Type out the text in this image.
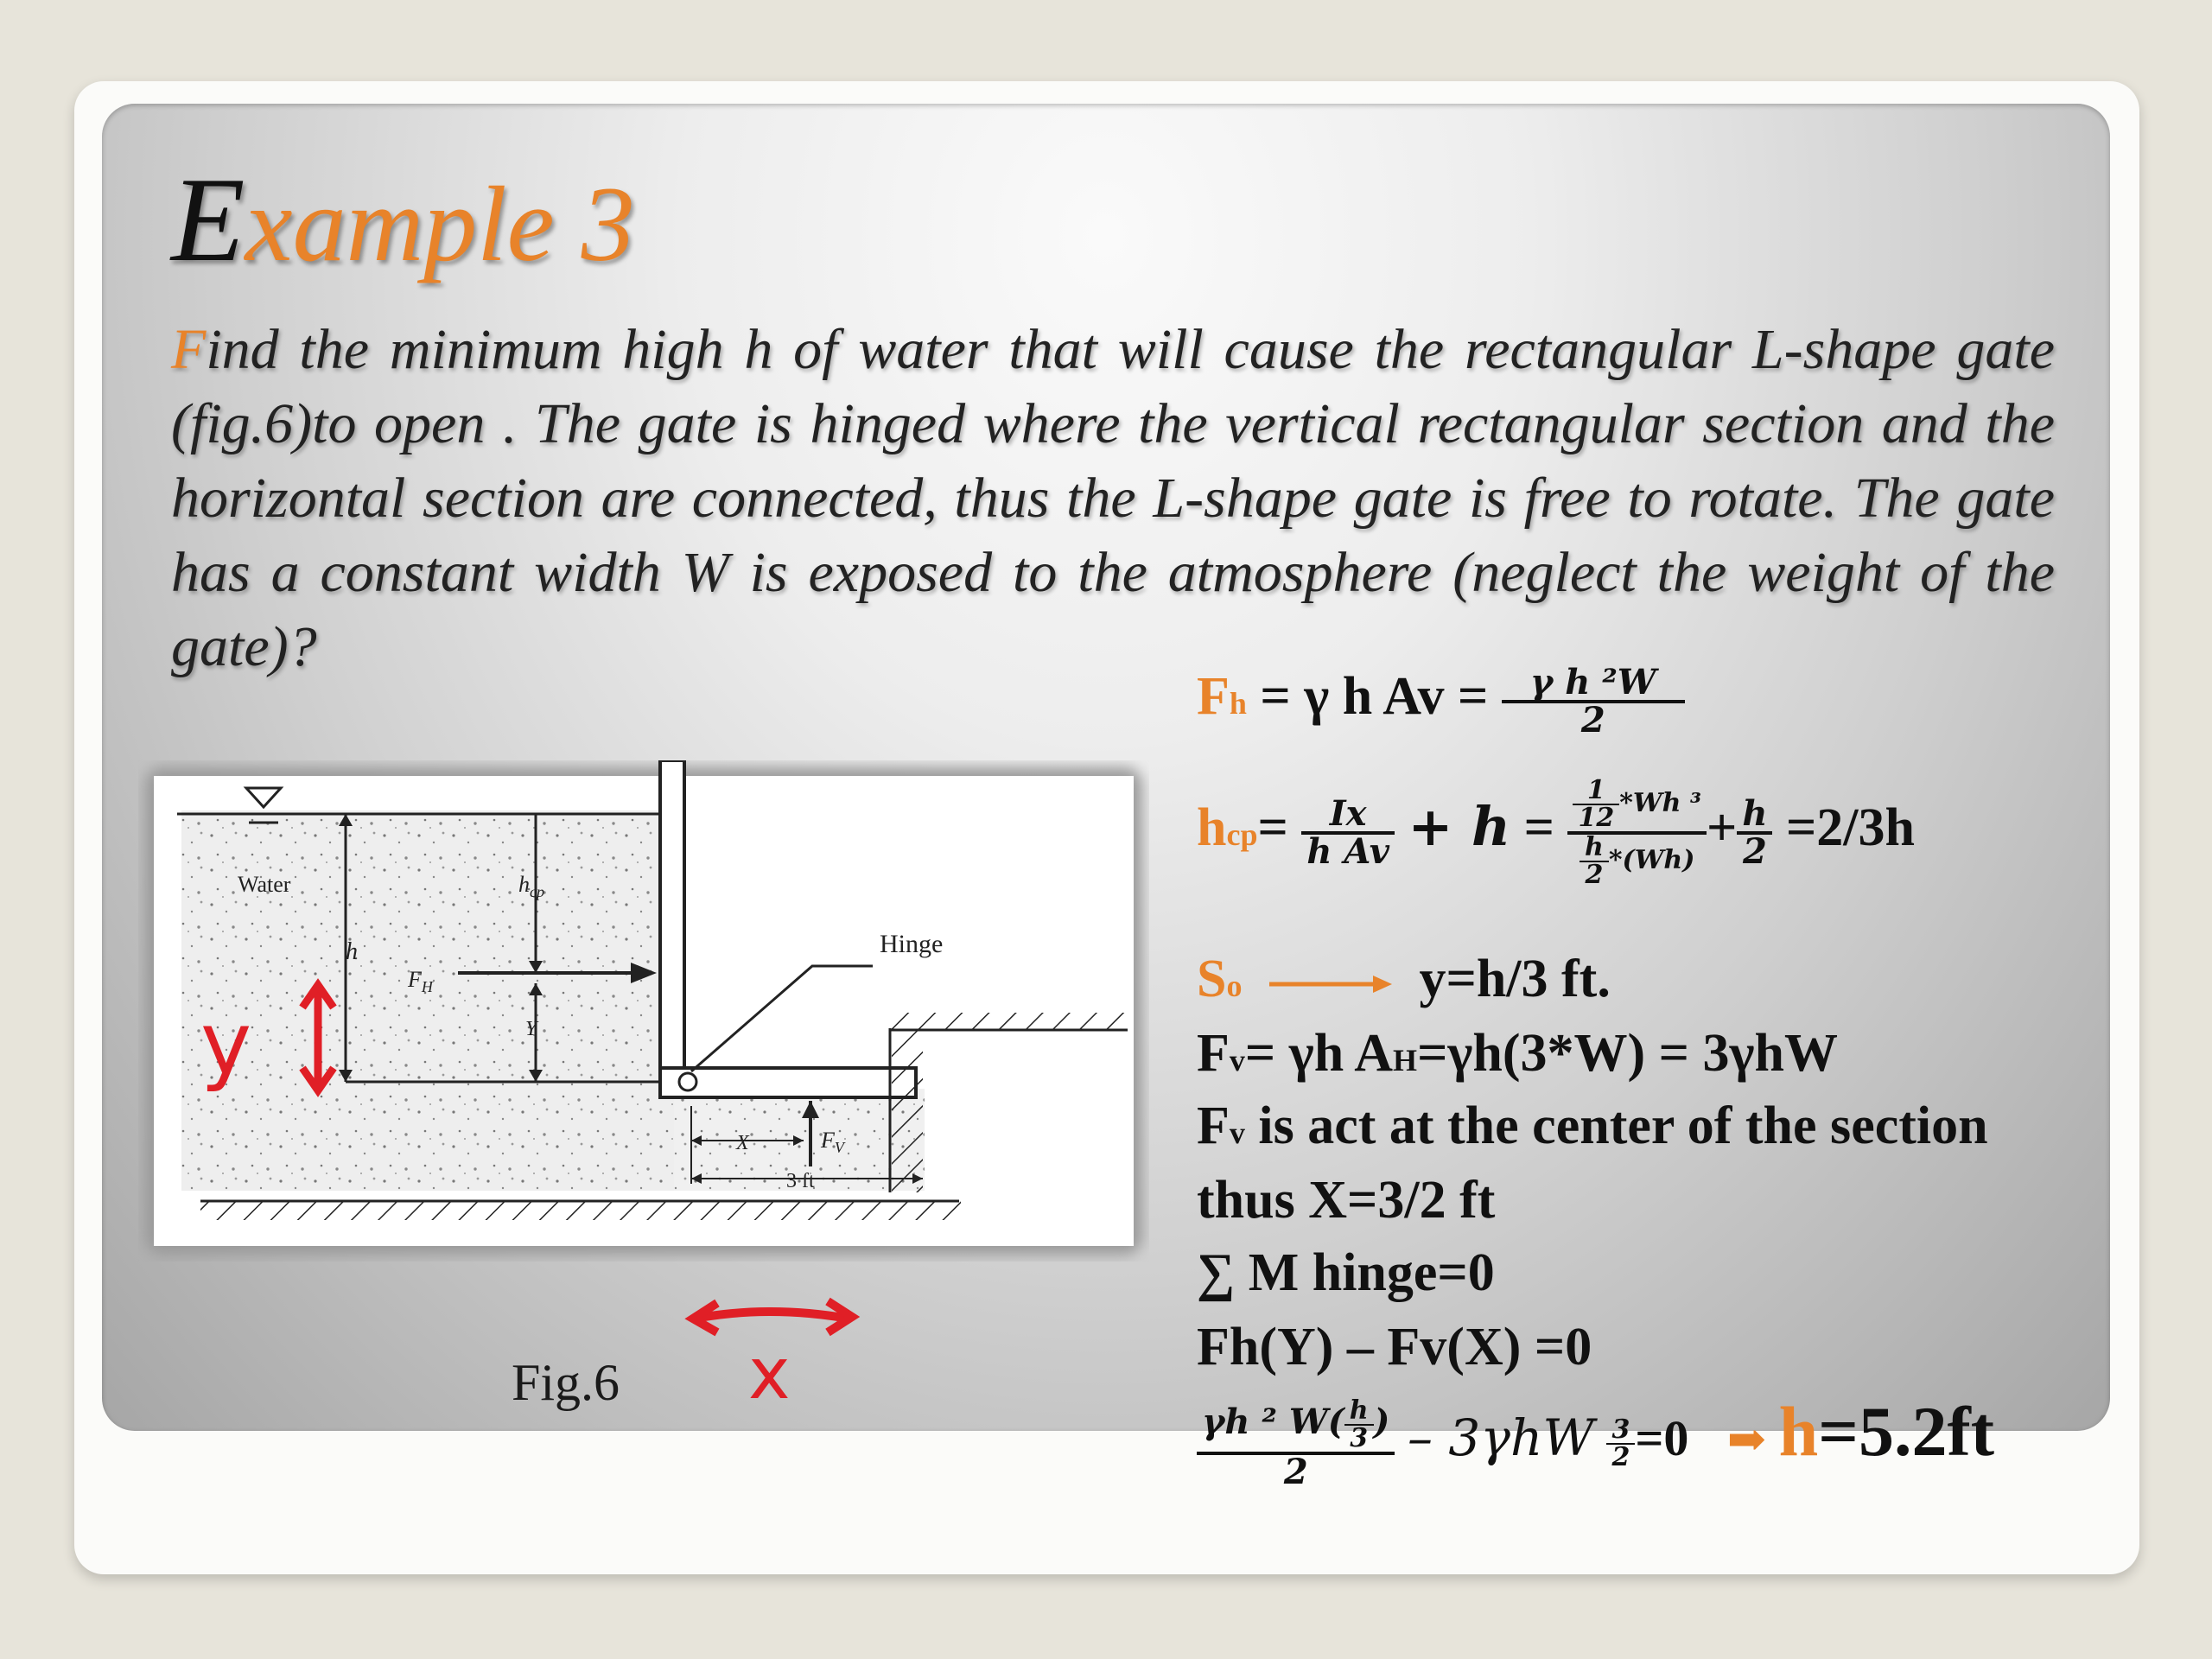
Example 3

Find the minimum high h of water that will cause the rectangular L-shape gate (fig.6)to open . The gate is hinged where the vertical rectangular section and the horizontal section are connected, thus the L-shape gate is free to rotate. The gate has a constant width W is exposed to the atmosphere (neglect the weight of the gate)?

Water
h
$h_{cp}$
$F_H$
Y
Hinge
X	$F_V$
3 ft
y
x
Fig.6
Fh = γ h $Av = \frac{\text{γ h ²W}}{2}$
$hcp= \frac{Ix}{\text{h Av}} + h = \frac{\frac{1}{12} *Wh ^3}{\frac{h}{2} *(Wh)} + \frac{h}{2} =2/3h$
So	y=h/3 ft.
Fv= γh AH=γh(3*W) = 3γhW
Fv is act at the center of the section
thus X=3/2 ft
∑ M hinge=0
Fh(Y) – Fv(X) =0
$\frac{\gamma h ^2 W( \frac{h}{3} )}{2} - 3\gamma hW \frac{3}{2} =0$ ➡ h=5.2ft
